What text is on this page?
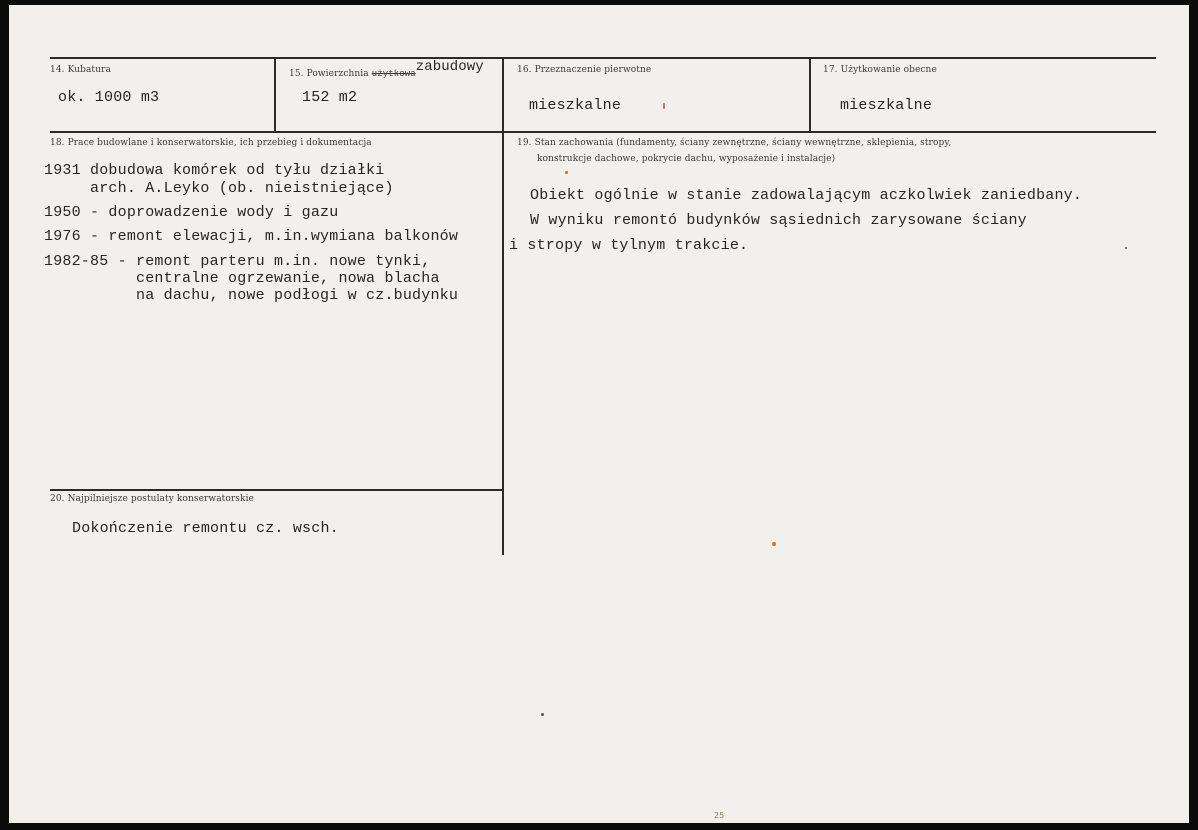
14. Kubatura
ok. 1000 m3
15. Powierzchnia użytkowazabudowy
152 m2
16. Przeznaczenie pierwotne
mieszkalne
17. Użytkowanie obecne
mieszkalne
18. Prace budowlane i konserwatorskie, ich przebieg i dokumentacja
1931 dobudowa komórek od tyłu działki
arch. A.Leyko (ob. nieistniejące)
1950 - doprowadzenie wody i gazu
1976 - remont elewacji, m.in.wymiana balkonów
1982-85 - remont parteru m.in. nowe tynki,
centralne ogrzewanie, nowa blacha
na dachu, nowe podłogi w cz.budynku
19. Stan zachowania (fundamenty, ściany zewnętrzne, ściany wewnętrzne, sklepienia, stropy,
konstrukcje dachowe, pokrycie dachu, wyposażenie i instalacje)
Obiekt ogólnie w stanie zadowalającym aczkolwiek zaniedbany.
W wyniku remontó budynków sąsiednich zarysowane ściany
i stropy w tylnym trakcie.
20. Najpilniejsze postulaty konserwatorskie
Dokończenie remontu cz. wsch.
25
